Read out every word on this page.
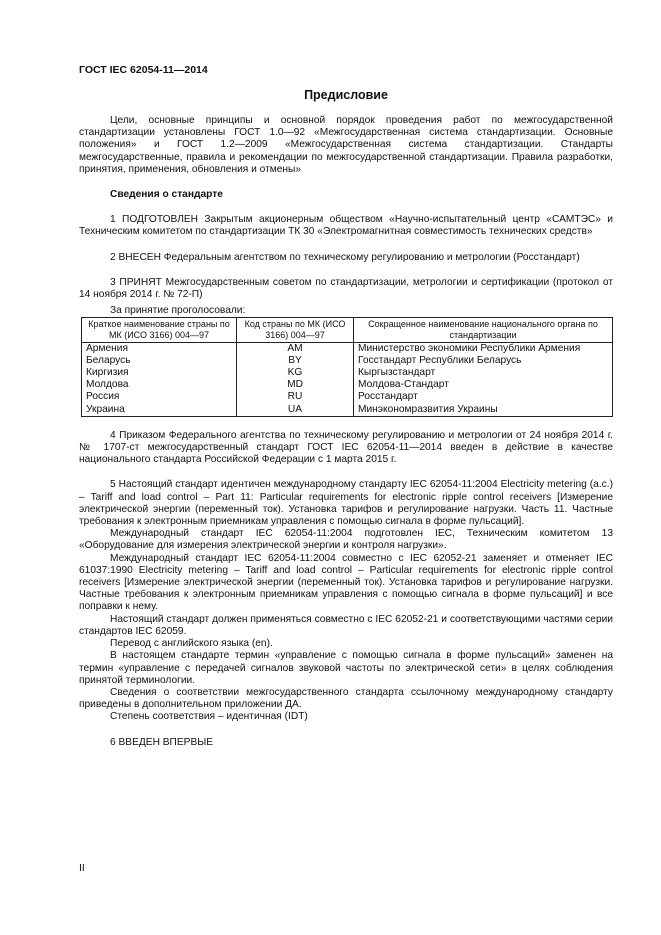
ГОСТ IEC 62054-11—2014
Предисловие

Цели, основные принципы и основной порядок проведения работ по межгосударственной стандартизации установлены ГОСТ 1.0—92 «Межгосударственная система стандартизации. Основные положения» и ГОСТ 1.2—2009 «Межгосударственная система стандартизации. Стандарты межгосударственные, правила и рекомендации по межгосударственной стандартизации. Правила разработки, принятия, применения, обновления и отмены»

Сведения о стандарте

1 ПОДГОТОВЛЕН Закрытым акционерным обществом «Научно-испытательный центр «САМТЭС» и Техническим комитетом по стандартизации ТК 30 «Электромагнитная совместимость технических средств»

2 ВНЕСЕН Федеральным агентством по техническому регулированию и метрологии (Росстандарт)

3 ПРИНЯТ Межгосударственным советом по стандартизации, метрологии и сертификации (протокол от 14 ноября 2014 г. № 72-П)

За принятие проголосовали:

Краткое наименование страны по МК (ИСО 3166) 004—97	Код страны по МК (ИСО 3166) 004—97	Сокращенное наименование национального органа по стандартизации
Армения	AM	Министерство экономики Республики Армения
Беларусь	BY	Госстандарт Республики Беларусь
Киргизия	KG	Кыргызстандарт
Молдова	MD	Молдова-Стандарт
Россия	RU	Росстандарт
Украина	UA	Минэкономразвития Украины

4 Приказом Федерального агентства по техническому регулированию и метрологии от 24 ноября 2014 г. № 1707-ст межгосударственный стандарт ГОСТ IEC 62054-11—2014 введен в действие в качестве национального стандарта Российской Федерации с 1 марта 2015 г.

5 Настоящий стандарт идентичен международному стандарту IEC 62054-11:2004 Electricity metering (a.c.) – Tariff and load control – Part 11: Particular requirements for electronic ripple control receivers [Измерение электрической энергии (переменный ток). Установка тарифов и регулирование нагрузки. Часть 11. Частные требования к электронным приемникам управления с помощью сигнала в форме пульсаций].

Международный стандарт IEC 62054-11:2004 подготовлен IEC, Техническим комитетом 13 «Оборудование для измерения электрической энергии и контроля нагрузки».

Международный стандарт IEC 62054-11:2004 совместно с IEC 62052-21 заменяет и отменяет IEC 61037:1990 Electricity metering – Tariff and load control – Particular requirements for electronic ripple control receivers [Измерение электрической энергии (переменный ток). Установка тарифов и регулирование нагрузки. Частные требования к электронным приемникам управления с помощью сигнала в форме пульсаций] и все поправки к нему.

Настоящий стандарт должен применяться совместно с IEC 62052-21 и соответствующими частями серии стандартов IEC 62059.

Перевод с английского языка (en).

В настоящем стандарте термин «управление с помощью сигнала в форме пульсаций» заменен на термин «управление с передачей сигналов звуковой частоты по электрической сети» в целях соблюдения принятой терминологии.

Сведения о соответствии межгосударственного стандарта ссылочному международному стандарту приведены в дополнительном приложении ДА.

Степень соответствия – идентичная (IDT)

6 ВВЕДЕН ВПЕРВЫЕ

II
